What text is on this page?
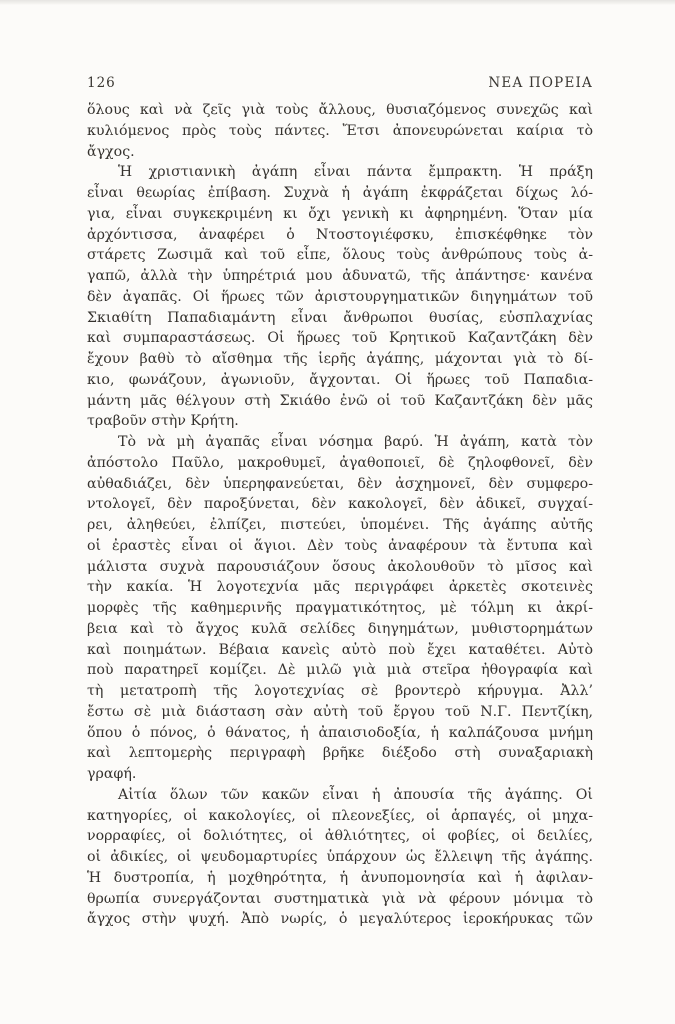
126	ΝΕΑ ΠΟΡΕΙΑ
ὅλους καὶ νὰ ζεῖς γιὰ τοὺς ἄλλους, θυσιαζόμενος συνεχῶς καὶ
κυλιόμενος πρὸς τοὺς πάντες. Ἔτσι ἀπονευρώνεται καίρια τὸ
ἄγχος.
Ἡ χριστιανικὴ ἀγάπη εἶναι πάντα ἔμπρακτη. Ἡ πράξη
εἶναι θεωρίας ἐπίβαση. Συχνὰ ἡ ἀγάπη ἐκφράζεται δίχως λό-
για, εἶναι συγκεκριμένη κι ὄχι γενικὴ κι ἀφηρημένη. Ὅταν μία
ἀρχόντισσα, ἀναφέρει ὁ Ντοστογιέφσκυ, ἐπισκέφθηκε τὸν
στάρετς Ζωσιμᾶ καὶ τοῦ εἶπε, ὅλους τοὺς ἀνθρώπους τοὺς ἀ-
γαπῶ, ἀλλὰ τὴν ὑπηρέτριά μου ἀδυνατῶ, τῆς ἀπάντησε· κανένα
δὲν ἀγαπᾶς. Οἱ ἥρωες τῶν ἀριστουργηματικῶν διηγημάτων τοῦ
Σκιαθίτη Παπαδιαμάντη εἶναι ἄνθρωποι θυσίας, εὐσπλαχνίας
καὶ συμπαραστάσεως. Οἱ ἥρωες τοῦ Κρητικοῦ Καζαντζάκη δὲν
ἔχουν βαθὺ τὸ αἴσθημα τῆς ἱερῆς ἀγάπης, μάχονται γιὰ τὸ δί-
κιο, φωνάζουν, ἀγωνιοῦν, ἄγχονται. Οἱ ἥρωες τοῦ Παπαδια-
μάντη μᾶς θέλγουν στὴ Σκιάθο ἐνῶ οἱ τοῦ Καζαντζάκη δὲν μᾶς
τραβοῦν στὴν Κρήτη.
Τὸ νὰ μὴ ἀγαπᾶς εἶναι νόσημα βαρύ. Ἡ ἀγάπη, κατὰ τὸν
ἀπόστολο Παῦλο, μακροθυμεῖ, ἀγαθοποιεῖ, δὲ ζηλοφθονεῖ, δὲν
αὐθαδιάζει, δὲν ὑπερηφανεύεται, δὲν ἀσχημονεῖ, δὲν συμφερο-
ντολογεῖ, δὲν παροξύνεται, δὲν κακολογεῖ, δὲν ἀδικεῖ, συγχαί-
ρει, ἀληθεύει, ἐλπίζει, πιστεύει, ὑπομένει. Τῆς ἀγάπης αὐτῆς
οἱ ἐραστὲς εἶναι οἱ ἅγιοι. Δὲν τοὺς ἀναφέρουν τὰ ἔντυπα καὶ
μάλιστα συχνὰ παρουσιάζουν ὅσους ἀκολουθοῦν τὸ μῖσος καὶ
τὴν κακία. Ἡ λογοτεχνία μᾶς περιγράφει ἀρκετὲς σκοτεινὲς
μορφὲς τῆς καθημερινῆς πραγματικότητος, μὲ τόλμη κι ἀκρί-
βεια καὶ τὸ ἄγχος κυλᾶ σελίδες διηγημάτων, μυθιστορημάτων
καὶ ποιημάτων. Βέβαια κανεὶς αὐτὸ ποὺ ἔχει καταθέτει. Αὐτὸ
ποὺ παρατηρεῖ κομίζει. Δὲ μιλῶ γιὰ μιὰ στεῖρα ἠθογραφία καὶ
τὴ μετατροπὴ τῆς λογοτεχνίας σὲ βροντερὸ κήρυγμα. Ἀλλ’
ἔστω σὲ μιὰ διάσταση σὰν αὐτὴ τοῦ ἔργου τοῦ Ν.Γ. Πεντζίκη,
ὅπου ὁ πόνος, ὁ θάνατος, ἡ ἀπαισιοδοξία, ἡ καλπάζουσα μνήμη
καὶ λεπτομερὴς περιγραφὴ βρῆκε διέξοδο στὴ συναξαριακὴ
γραφή.
Αἰτία ὅλων τῶν κακῶν εἶναι ἡ ἀπουσία τῆς ἀγάπης. Οἱ
κατηγορίες, οἱ κακολογίες, οἱ πλεονεξίες, οἱ ἁρπαγές, οἱ μηχα-
νορραφίες, οἱ δολιότητες, οἱ ἀθλιότητες, οἱ φοβίες, οἱ δειλίες,
οἱ ἀδικίες, οἱ ψευδομαρτυρίες ὑπάρχουν ὡς ἔλλειψη τῆς ἀγάπης.
Ἡ δυστροπία, ἡ μοχθηρότητα, ἡ ἀνυπομονησία καὶ ἡ ἀφιλαν-
θρωπία συνεργάζονται συστηματικὰ γιὰ νὰ φέρουν μόνιμα τὸ
ἄγχος στὴν ψυχή. Ἀπὸ νωρίς, ὁ μεγαλύτερος ἱεροκήρυκας τῶν
